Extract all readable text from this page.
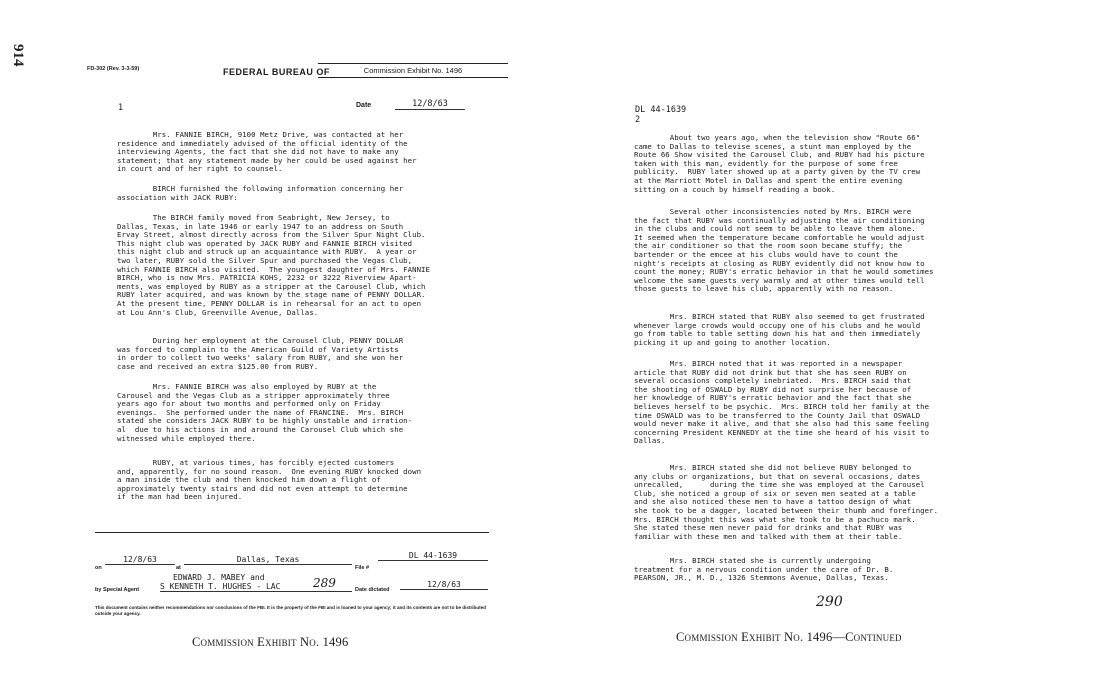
914
FD-302 (Rev. 3-3-59)	FEDERAL BUREAU OF	Commission Exhibit No. 1496
1	Date	12/8/63
Mrs. FANNIE BIRCH, 9100 Metz Drive, was contacted at her
residence and immediately advised of the official identity of the
interviewing Agents, the fact that she did not have to make any
statement; that any statement made by her could be used against her
in court and of her right to counsel.
BIRCH furnished the following information concerning her
association with JACK RUBY:
The BIRCH family moved from Seabright, New Jersey, to
Dallas, Texas, in late 1946 or early 1947 to an address on South
Ervay Street, almost directly across from the Silver Spur Night Club.
This night club was operated by JACK RUBY and FANNIE BIRCH visited
this night club and struck up an acquaintance with RUBY.  A year or
two later, RUBY sold the Silver Spur and purchased the Vegas Club,
which FANNIE BIRCH also visited.  The youngest daughter of Mrs. FANNIE
BIRCH, who is now Mrs. PATRICIA KOHS, 2232 or 3222 Riverview Apart-
ments, was employed by RUBY as a stripper at the Carousel Club, which
RUBY later acquired, and was known by the stage name of PENNY DOLLAR.
At the present time, PENNY DOLLAR is in rehearsal for an act to open
at Lou Ann's Club, Greenville Avenue, Dallas.
During her employment at the Carousel Club, PENNY DOLLAR
was forced to complain to the American Guild of Variety Artists
in order to collect two weeks' salary from RUBY, and she won her
case and received an extra $125.00 from RUBY.
Mrs. FANNIE BIRCH was also employed by RUBY at the
Carousel and the Vegas Club as a stripper approximately three
years ago for about two months and performed only on Friday
evenings.  She performed under the name of FRANCINE.  Mrs. BIRCH
stated she considers JACK RUBY to be highly unstable and irration-
al  due to his actions in and around the Carousel Club which she
witnessed while employed there.
RUBY, at various times, has forcibly ejected customers
and, apparently, for no sound reason.  One evening RUBY knocked down
a man inside the club and then knocked him down a flight of
approximately twenty stairs and did not even attempt to determine
if the man had been injured.
on
12/8/63
at
Dallas, Texas
File #
DL 44-1639
EDWARD J. MABEY and
by Special Agent	S KENNETH T. HUGHES - LAC	289	Date dictated
12/8/63
This document contains neither recommendations nor conclusions of the FBI. It is the property of the FBI and is loaned to your agency; it and its contents are not to be distributed outside your agency.
Commission Exhibit No. 1496
DL 44-1639
2
About two years ago, when the television show "Route 66"
came to Dallas to televise scenes, a stunt man employed by the
Route 66 Show visited the Carousel Club, and RUBY had his picture
taken with this man, evidently for the purpose of some free
publicity.  RUBY later showed up at a party given by the TV crew
at the Marriott Motel in Dallas and spent the entire evening
sitting on a couch by himself reading a book.
Several other inconsistencies noted by Mrs. BIRCH were
the fact that RUBY was continually adjusting the air conditioning
in the clubs and could not seem to be able to leave them alone.
It seemed when the temperature became comfortable he would adjust
the air conditioner so that the room soon became stuffy; the
bartender or the emcee at his clubs would have to count the
night's receipts at closing as RUBY evidently did not know how to
count the money; RUBY's erratic behavior in that he would sometimes
welcome the same guests very warmly and at other times would tell
those guests to leave his club, apparently with no reason.
Mrs. BIRCH stated that RUBY also seemed to get frustrated
whenever large crowds would occupy one of his clubs and he would
go from table to table setting down his hat and then immediately
picking it up and going to another location.
Mrs. BIRCH noted that it was reported in a newspaper
article that RUBY did not drink but that she has seen RUBY on
several occasions completely inebriated.  Mrs. BIRCH said that
the shooting of OSWALD by RUBY did not surprise her because of
her knowledge of RUBY's erratic behavior and the fact that she
believes herself to be psychic.  Mrs. BIRCH told her family at the
time OSWALD was to be transferred to the County Jail that OSWALD
would never make it alive, and that she also had this same feeling
concerning President KENNEDY at the time she heard of his visit to
Dallas.
Mrs. BIRCH stated she did not believe RUBY belonged to
any clubs or organizations, but that on several occasions, dates
unrecalled,      during the time she was employed at the Carousel
Club, she noticed a group of six or seven men seated at a table
and she also noticed these men to have a tattoo design of what
she took to be a dagger, located between their thumb and forefinger.
Mrs. BIRCH thought this was what she took to be a pachuco mark.
She stated these men never paid for drinks and that RUBY was
familiar with these men and talked with them at their table.
Mrs. BIRCH stated she is currently undergoing
treatment for a nervous condition under the care of Dr. B.
PEARSON, JR., M. D., 1326 Stemmons Avenue, Dallas, Texas.
290
Commission Exhibit No. 1496—Continued
